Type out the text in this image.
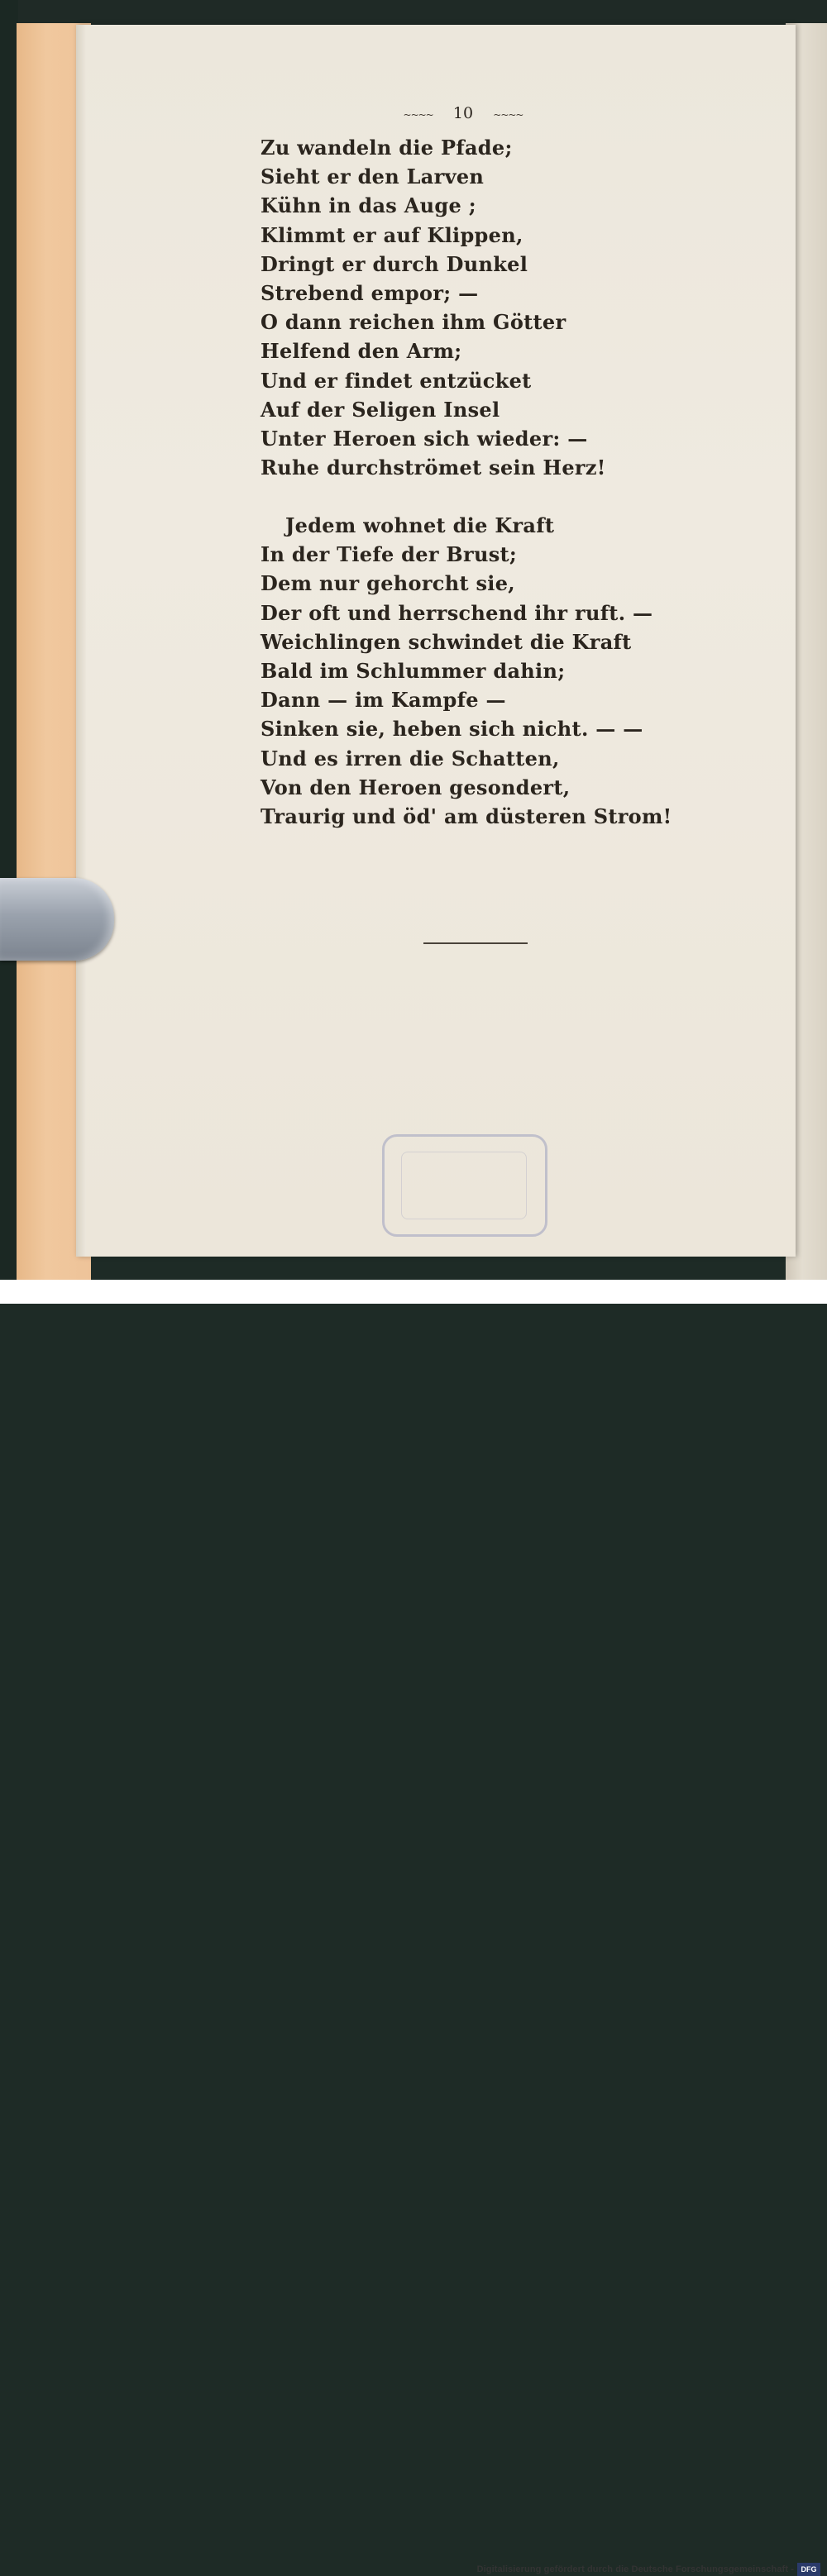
~~~~ 10 ~~~~
Zu wandeln die Pfade;
Sieht er den Larven
Kühn in das Auge ;
Klimmt er auf Klippen,
Dringt er durch Dunkel
Strebend empor; —
O dann reichen ihm Götter
Helfend den Arm;
Und er findet entzücket
Auf der Seligen Insel
Unter Heroen sich wieder: —
Ruhe durchströmet sein Herz!
Jedem wohnet die Kraft
In der Tiefe der Brust;
Dem nur gehorcht sie,
Der oft und herrschend ihr ruft. —
Weichlingen schwindet die Kraft
Bald im Schlummer dahin;
Dann — im Kampfe —
Sinken sie, heben sich nicht. — —
Und es irren die Schatten,
Von den Heroen gesondert,
Traurig und öd' am düsteren Strom!
Digitalisierung gefördert durch die Deutsche Forschungsgemeinschaft - DFG
